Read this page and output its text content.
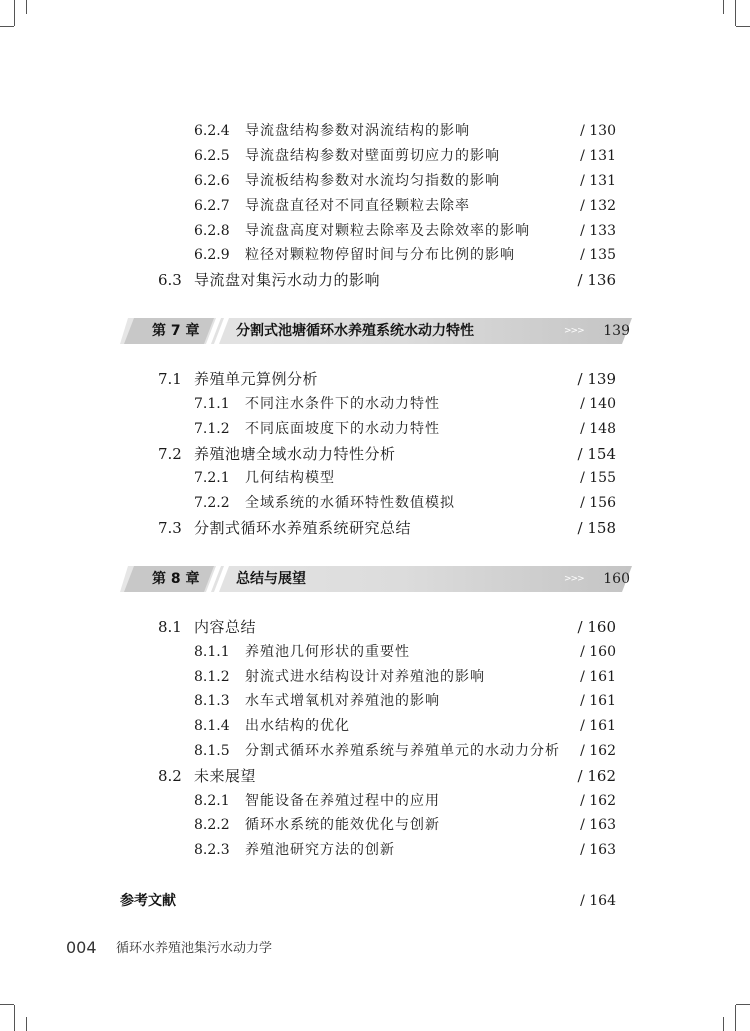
6.2.4 导流盘结构参数对涡流结构的影响	/ 130
6.2.5 导流盘结构参数对壁面剪切应力的影响	/ 131
6.2.6 导流板结构参数对水流均匀指数的影响	/ 131
6.2.7 导流盘直径对不同直径颗粒去除率	/ 132
6.2.8 导流盘高度对颗粒去除率及去除效率的影响	/ 133
6.2.9 粒径对颗粒物停留时间与分布比例的影响	/ 135
6.3 导流盘对集污水动力的影响	/ 136
第 7 章	分割式池塘循环水养殖系统水动力特性	>>> 139
7.1 养殖单元算例分析	/ 139
7.1.1 不同注水条件下的水动力特性	/ 140
7.1.2 不同底面坡度下的水动力特性	/ 148
7.2 养殖池塘全域水动力特性分析	/ 154
7.2.1 几何结构模型	/ 155
7.2.2 全域系统的水循环特性数值模拟	/ 156
7.3 分割式循环水养殖系统研究总结	/ 158
第 8 章	总结与展望	>>> 160
8.1 内容总结	/ 160
8.1.1 养殖池几何形状的重要性	/ 160
8.1.2 射流式进水结构设计对养殖池的影响	/ 161
8.1.3 水车式增氧机对养殖池的影响	/ 161
8.1.4 出水结构的优化	/ 161
8.1.5 分割式循环水养殖系统与养殖单元的水动力分析 / 162
8.2 未来展望	/ 162
8.2.1 智能设备在养殖过程中的应用	/ 162
8.2.2 循环水系统的能效优化与创新	/ 163
8.2.3 养殖池研究方法的创新	/ 163
参考文献	/ 164
004 循环水养殖池集污水动力学
